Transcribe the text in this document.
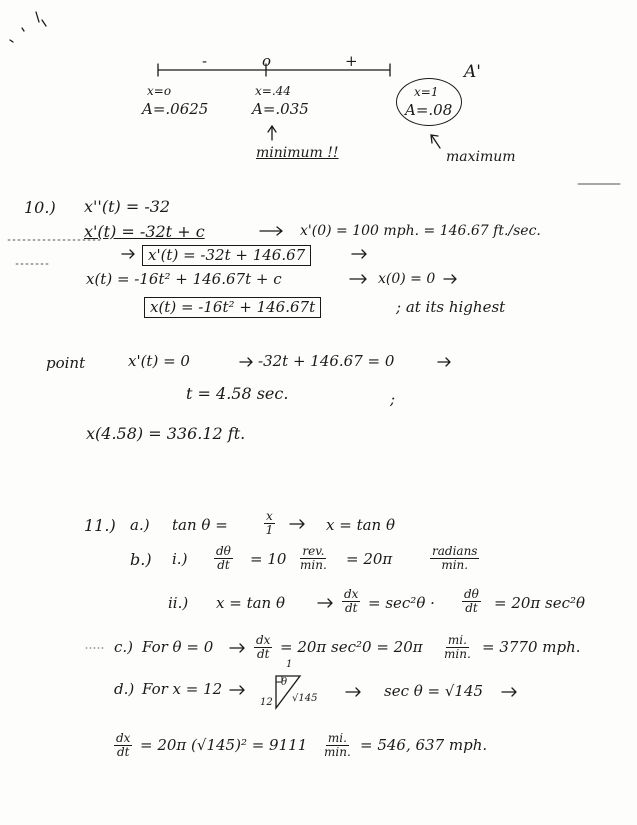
-	o	+
A'
x=o
A=.0625
x=.44
A=.035
x=1
A=.08
minimum !!	maximum
10.) x''(t) = -32
x'(t) = -32t + c	x'(0) = 100 mph. = 146.67 ft./sec.
x'(t) = -32t + 146.67
x(t) = -16t² + 146.67t + c	x(0) = 0
x(t) = -16t² + 146.67t	; at its highest
point	x'(t) = 0	-32t + 146.67 = 0
t = 4.58 sec.	;
x(4.58) = 336.12 ft.
11.) a.) tan θ =	$\frac{x}{1}$	x = tan θ
b.) $i.) \frac{d\theta}{dt} = 10$ rev.
min. = 20π	radians
min.
ii.) x = tan θ	$\frac{dx}{dt} = \sec^2\theta \cdot \frac{d\theta}{dt} = 20\pi$ sec²θ
c.) For θ = 0	$\frac{dx}{dt} = 20\pi$ sec²0 = 20π mi.
min. = 3770 mph.
d.) For x = 12
1
θ
12 √145	sec θ = √145
$\frac{dx}{dt} = 20\pi$ (√145)² = 9111 mi.
min. = 546, 637 mph.
